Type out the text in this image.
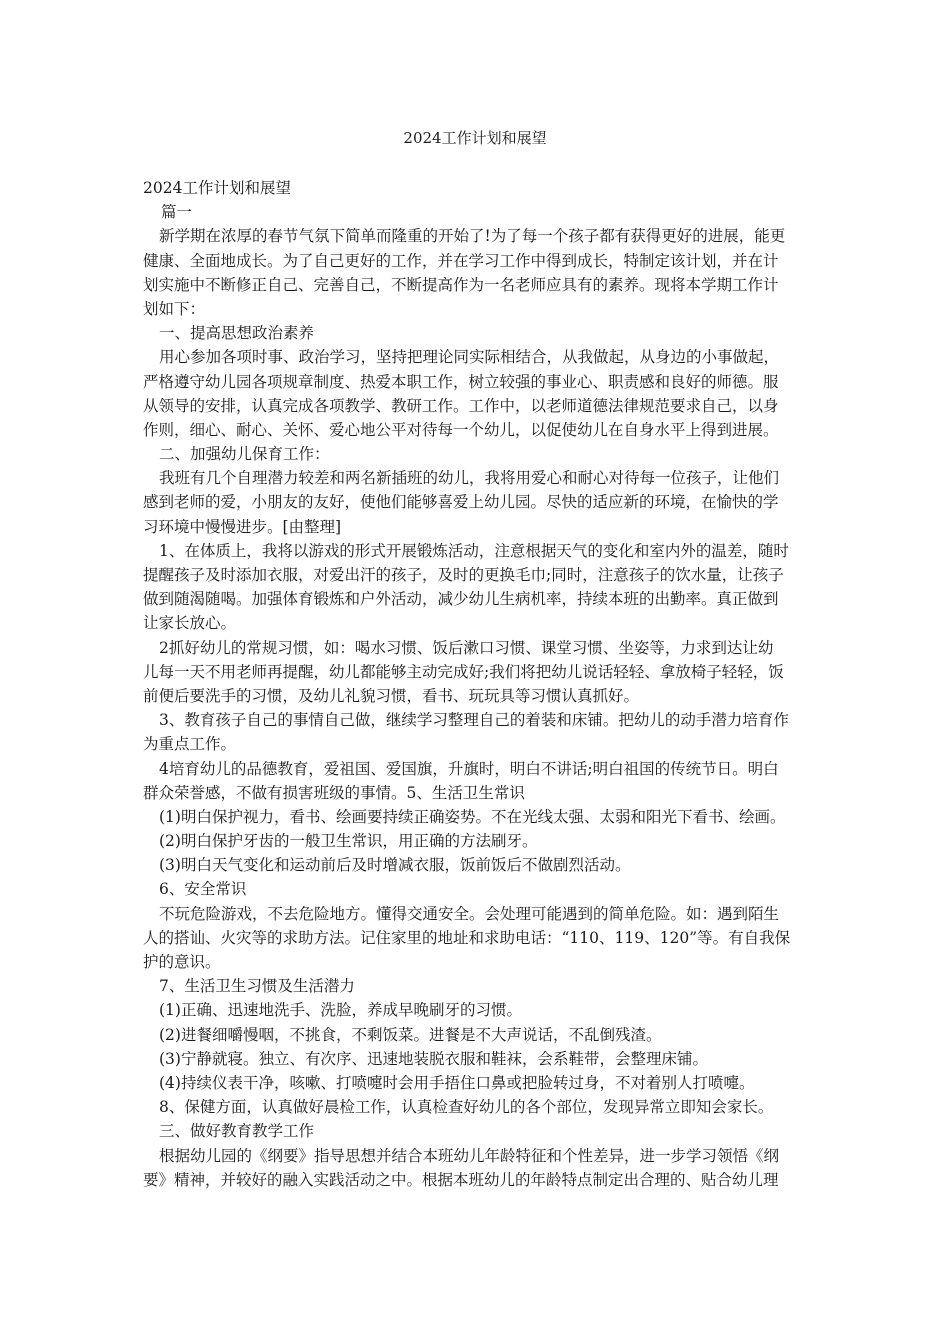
2024工作计划和展望
2024工作计划和展望
篇一
新学期在浓厚的春节气氛下简单而隆重的开始了!为了每一个孩子都有获得更好的进展，能更
健康、全面地成长。为了自己更好的工作，并在学习工作中得到成长，特制定该计划，并在计
划实施中不断修正自己、完善自己，不断提高作为一名老师应具有的素养。现将本学期工作计
划如下：
一、提高思想政治素养
用心参加各项时事、政治学习，坚持把理论同实际相结合，从我做起，从身边的小事做起，
严格遵守幼儿园各项规章制度、热爱本职工作，树立较强的事业心、职责感和良好的师德。服
从领导的安排，认真完成各项教学、教研工作。工作中，以老师道德法律规范要求自己，以身
作则，细心、耐心、关怀、爱心地公平对待每一个幼儿，以促使幼儿在自身水平上得到进展。
二、加强幼儿保育工作：
我班有几个自理潜力较差和两名新插班的幼儿，我将用爱心和耐心对待每一位孩子，让他们
感到老师的爱，小朋友的友好，使他们能够喜爱上幼儿园。尽快的适应新的环境，在愉快的学
习环境中慢慢进步。[由整理]
1、在体质上，我将以游戏的形式开展锻炼活动，注意根据天气的变化和室内外的温差，随时
提醒孩子及时添加衣服，对爱出汗的孩子，及时的更换毛巾;同时，注意孩子的饮水量，让孩子
做到随渴随喝。加强体育锻炼和户外活动，减少幼儿生病机率，持续本班的出勤率。真正做到
让家长放心。
2抓好幼儿的常规习惯，如：喝水习惯、饭后漱口习惯、课堂习惯、坐姿等，力求到达让幼
儿每一天不用老师再提醒，幼儿都能够主动完成好;我们将把幼儿说话轻轻、拿放椅子轻轻，饭
前便后要洗手的习惯，及幼儿礼貌习惯，看书、玩玩具等习惯认真抓好。
3、教育孩子自己的事情自己做，继续学习整理自己的着装和床铺。把幼儿的动手潜力培育作
为重点工作。
4培育幼儿的品德教育，爱祖国、爱国旗，升旗时，明白不讲话;明白祖国的传统节日。明白
群众荣誉感，不做有损害班级的事情。5、生活卫生常识
(1)明白保护视力，看书、绘画要持续正确姿势。不在光线太强、太弱和阳光下看书、绘画。
(2)明白保护牙齿的一般卫生常识，用正确的方法刷牙。
(3)明白天气变化和运动前后及时增减衣服，饭前饭后不做剧烈活动。
6、安全常识
不玩危险游戏，不去危险地方。懂得交通安全。会处理可能遇到的简单危险。如：遇到陌生
人的搭讪、火灾等的求助方法。记住家里的地址和求助电话：“110、119、120”等。有自我保
护的意识。
7、生活卫生习惯及生活潜力
(1)正确、迅速地洗手、洗脸，养成早晚刷牙的习惯。
(2)进餐细嚼慢咽，不挑食，不剩饭菜。进餐是不大声说话，不乱倒残渣。
(3)宁静就寝。独立、有次序、迅速地装脱衣服和鞋袜，会系鞋带，会整理床铺。
(4)持续仪表干净，咳嗽、打喷嚏时会用手捂住口鼻或把脸转过身，不对着别人打喷嚏。
8、保健方面，认真做好晨检工作，认真检查好幼儿的各个部位，发现异常立即知会家长。
三、做好教育教学工作
根据幼儿园的《纲要》指导思想并结合本班幼儿年龄特征和个性差异，进一步学习领悟《纲
要》精神，并较好的融入实践活动之中。根据本班幼儿的年龄特点制定出合理的、贴合幼儿理
